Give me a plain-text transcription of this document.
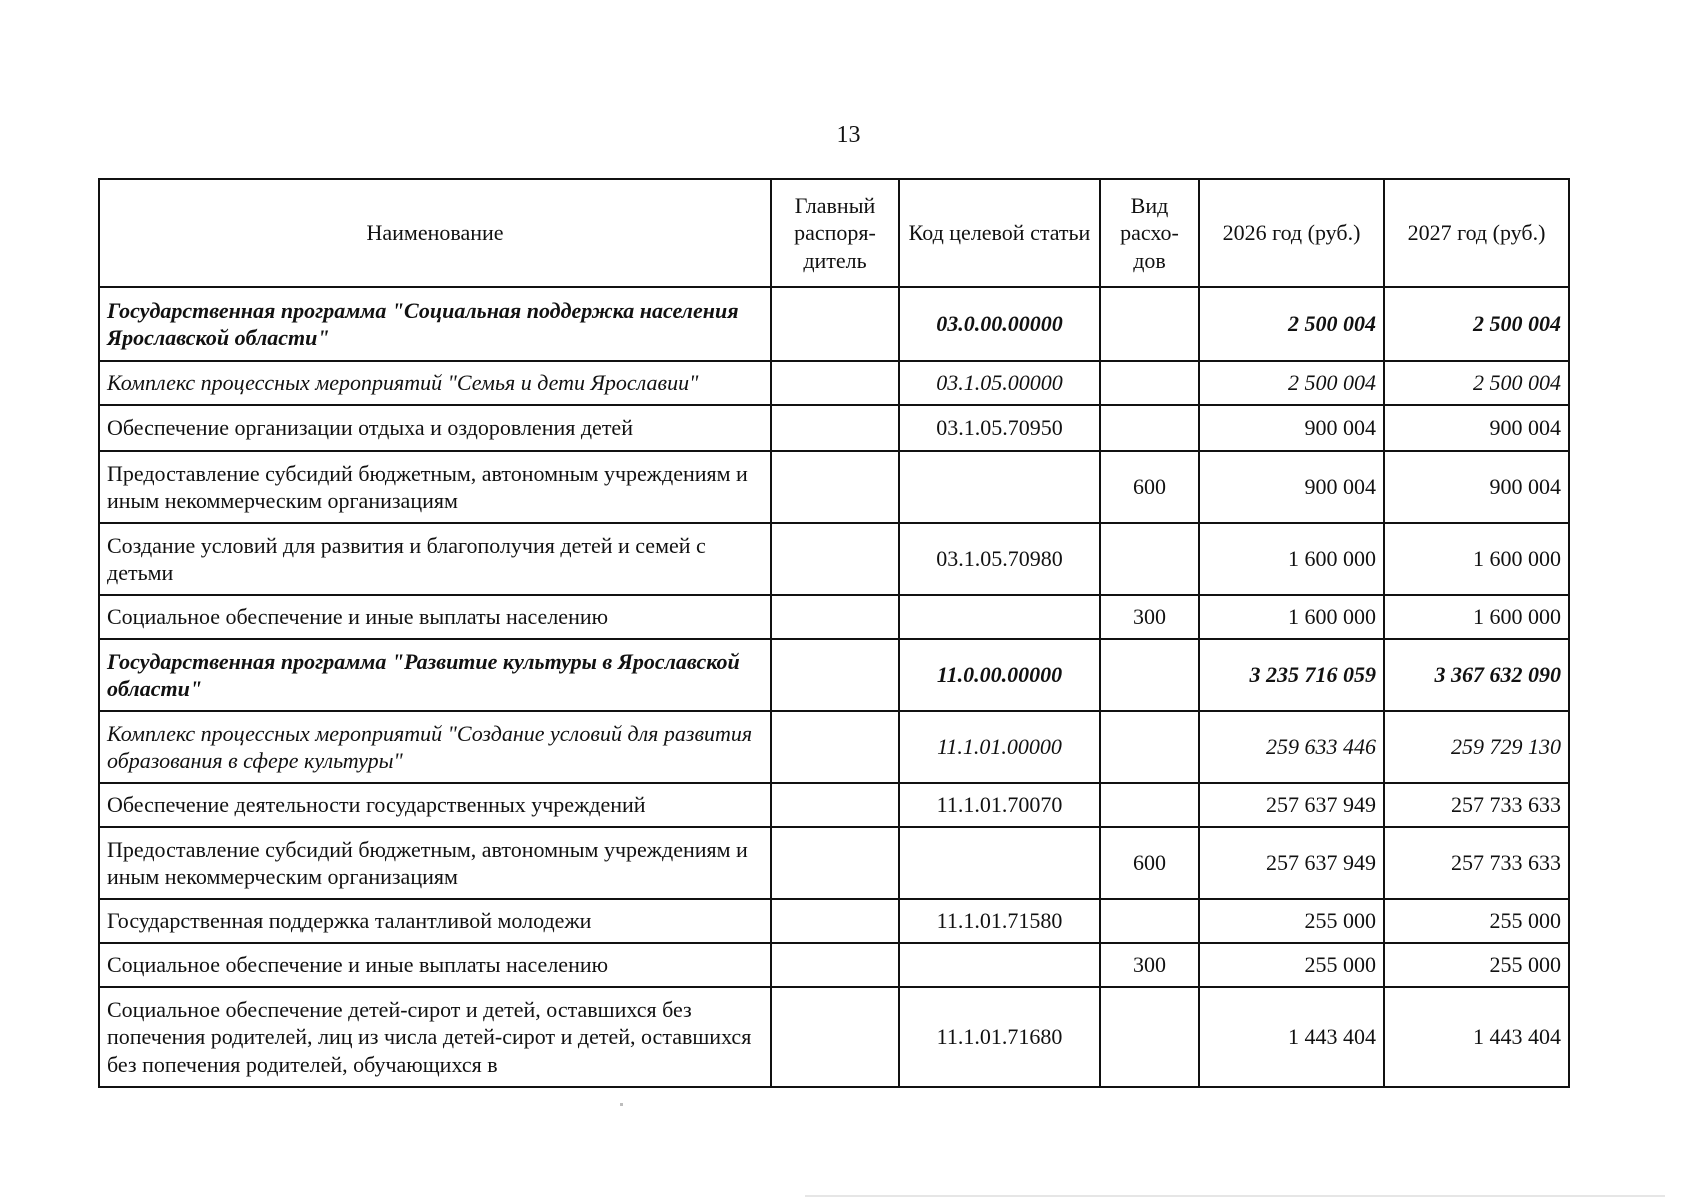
13
Наименование	Главный распоря-дитель	Код целевой статьи	Вид расхо-дов	2026 год (руб.)	2027 год (руб.)
Государственная программа "Социальная поддержка населения Ярославской области"		03.0.00.00000		2 500 004	2 500 004
Комплекс процессных мероприятий "Семья и дети Ярославии"		03.1.05.00000		2 500 004	2 500 004
Обеспечение организации отдыха и оздоровления детей		03.1.05.70950		900 004	900 004
Предоставление субсидий бюджетным, автономным учреждениям и иным некоммерческим организациям			600	900 004	900 004
Создание условий для развития и благополучия детей и семей с детьми		03.1.05.70980		1 600 000	1 600 000
Социальное обеспечение и иные выплаты населению			300	1 600 000	1 600 000
Государственная программа "Развитие культуры в Ярославской области"		11.0.00.00000		3 235 716 059	3 367 632 090
Комплекс процессных мероприятий "Создание условий для развития образования в сфере культуры"		11.1.01.00000		259 633 446	259 729 130
Обеспечение деятельности государственных учреждений		11.1.01.70070		257 637 949	257 733 633
Предоставление субсидий бюджетным, автономным учреждениям и иным некоммерческим организациям			600	257 637 949	257 733 633
Государственная поддержка талантливой молодежи		11.1.01.71580		255 000	255 000
Социальное обеспечение и иные выплаты населению			300	255 000	255 000
Социальное обеспечение детей-сирот и детей, оставшихся без попечения родителей, лиц из числа детей-сирот и детей, оставшихся без попечения родителей, обучающихся в		11.1.01.71680		1 443 404	1 443 404
